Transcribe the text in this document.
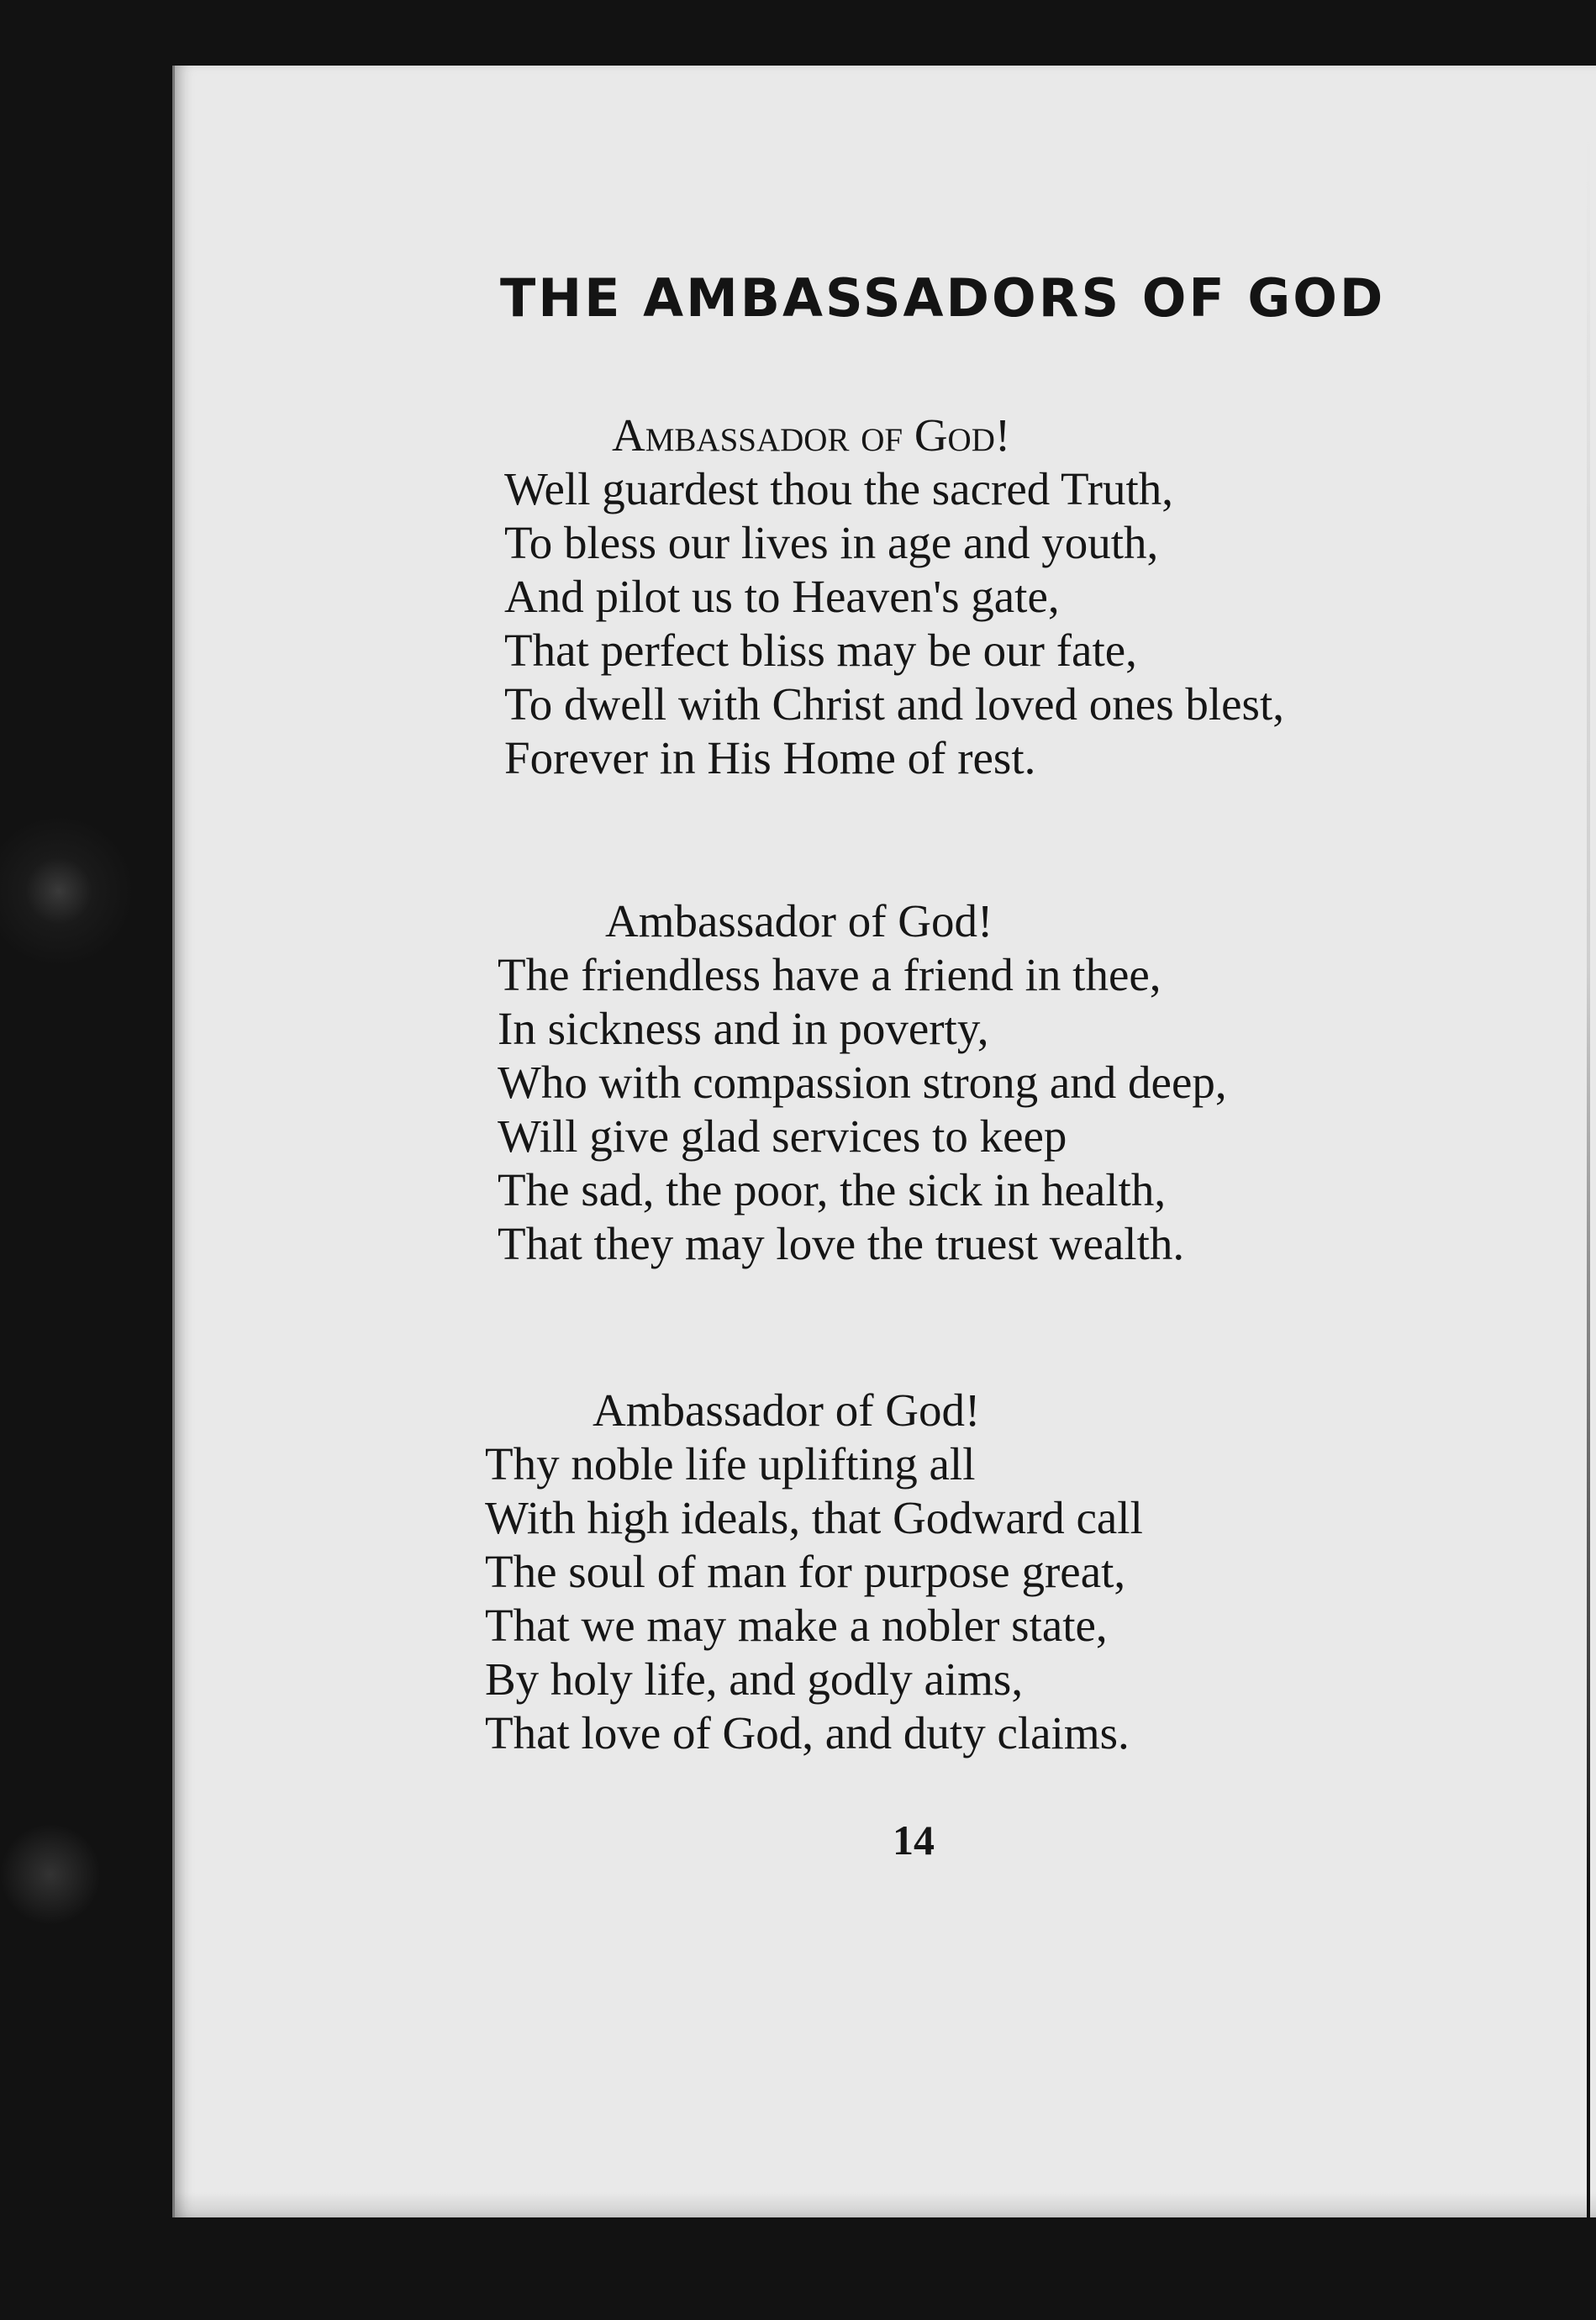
THE AMBASSADORS OF GOD
Ambassador of God!
Well guardest thou the sacred Truth,
To bless our lives in age and youth,
And pilot us to Heaven's gate,
That perfect bliss may be our fate,
To dwell with Christ and loved ones blest,
Forever in His Home of rest.
Ambassador of God!
The friendless have a friend in thee,
In sickness and in poverty,
Who with compassion strong and deep,
Will give glad services to keep
The sad, the poor, the sick in health,
That they may love the truest wealth.
Ambassador of God!
Thy noble life uplifting all
With high ideals, that Godward call
The soul of man for purpose great,
That we may make a nobler state,
By holy life, and godly aims,
That love of God, and duty claims.
14
